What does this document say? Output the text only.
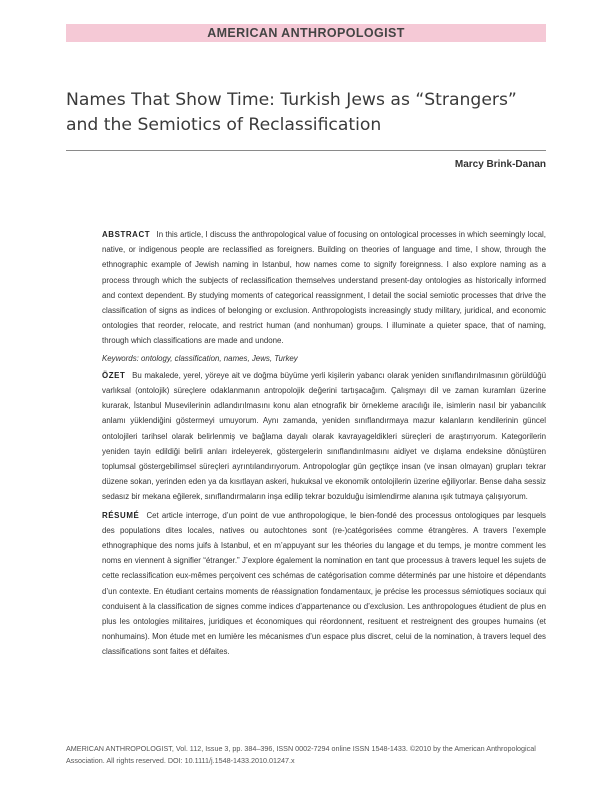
AMERICAN ANTHROPOLOGIST
Names That Show Time: Turkish Jews as “Strangers”
and the Semiotics of Reclassification
Marcy Brink-Danan

ABSTRACT In this article, I discuss the anthropological value of focusing on ontological processes in which seemingly local, native, or indigenous people are reclassified as foreigners. Building on theories of language and time, I show, through the ethnographic example of Jewish naming in Istanbul, how names come to signify foreignness. I also explore naming as a process through which the subjects of reclassification themselves understand present-day ontologies as historically informed and context dependent. By studying moments of categorical reassignment, I detail the social semiotic processes that drive the classification of signs as indices of belonging or exclusion. Anthropologists increasingly study military, juridical, and economic ontologies that reorder, relocate, and restrict human (and nonhuman) groups. I illuminate a quieter space, that of naming, through which classifications are made and undone.

Keywords: ontology, classification, names, Jews, Turkey

ÖZET Bu makalede, yerel, yöreye ait ve doğma büyüme yerli kişilerin yabancı olarak yeniden sınıflandırılmasının görüldüğü varlıksal (ontolojik) süreçlere odaklanmanın antropolojik değerini tartışacağım. Çalışmayı dil ve zaman kuramları üzerine kurarak, İstanbul Musevilerinin adlandırılmasını konu alan etnografik bir örnekleme aracılığı ile, isimlerin nasıl bir yabancılık anlamı yüklendiğini göstermeyi umuyorum. Aynı zamanda, yeniden sınıflandırmaya mazur kalanların kendilerinin güncel ontolojileri tarihsel olarak belirlenmiş ve bağlama dayalı olarak kavrayageldikleri süreçleri de araştırıyorum. Kategorilerin yeniden tayin edildiği belirli anları irdeleyerek, göstergelerin sınıflandırılmasını aidiyet ve dışlama endeksine dönüştüren toplumsal göstergebilimsel süreçleri ayrıntılandırıyorum. Antropologlar gün geçtikçe insan (ve insan olmayan) grupları tekrar düzene sokan, yerinden eden ya da kısıtlayan askeri, hukuksal ve ekonomik ontolojilerin üzerine eğiliyorlar. Bense daha sessiz sedasız bir mekana eğilerek, sınıflandırmaların inşa edilip tekrar bozulduğu isimlendirme alanına ışık tutmaya çalışıyorum.

RÉSUMÉ Cet article interroge, d’un point de vue anthropologique, le bien-fondé des processus ontologiques par lesquels des populations dites locales, natives ou autochtones sont (re-)catégorisées comme étrangères. A travers l’exemple ethnographique des noms juifs à Istanbul, et en m’appuyant sur les théories du langage et du temps, je montre comment les noms en viennent à signifier “étranger.” J’explore également la nomination en tant que processus à travers lequel les sujets de cette reclassification eux-mêmes perçoivent ces schémas de catégorisation comme déterminés par une histoire et dépendants d’un contexte. En étudiant certains moments de réassignation fondamentaux, je précise les processus sémiotiques sociaux qui conduisent à la classification de signes comme indices d’appartenance ou d’exclusion. Les anthropologues étudient de plus en plus les ontologies militaires, juridiques et économiques qui réordonnent, resituent et restreignent des groupes humains (et nonhumains). Mon étude met en lumière les mécanismes d’un espace plus discret, celui de la nomination, à travers lequel des classifications sont faites et défaites.

AMERICAN ANTHROPOLOGIST, Vol. 112, Issue 3, pp. 384–396, ISSN 0002-7294 online ISSN 1548-1433. ©2010 by the American Anthropological Association. All rights reserved. DOI: 10.1111/j.1548-1433.2010.01247.x
